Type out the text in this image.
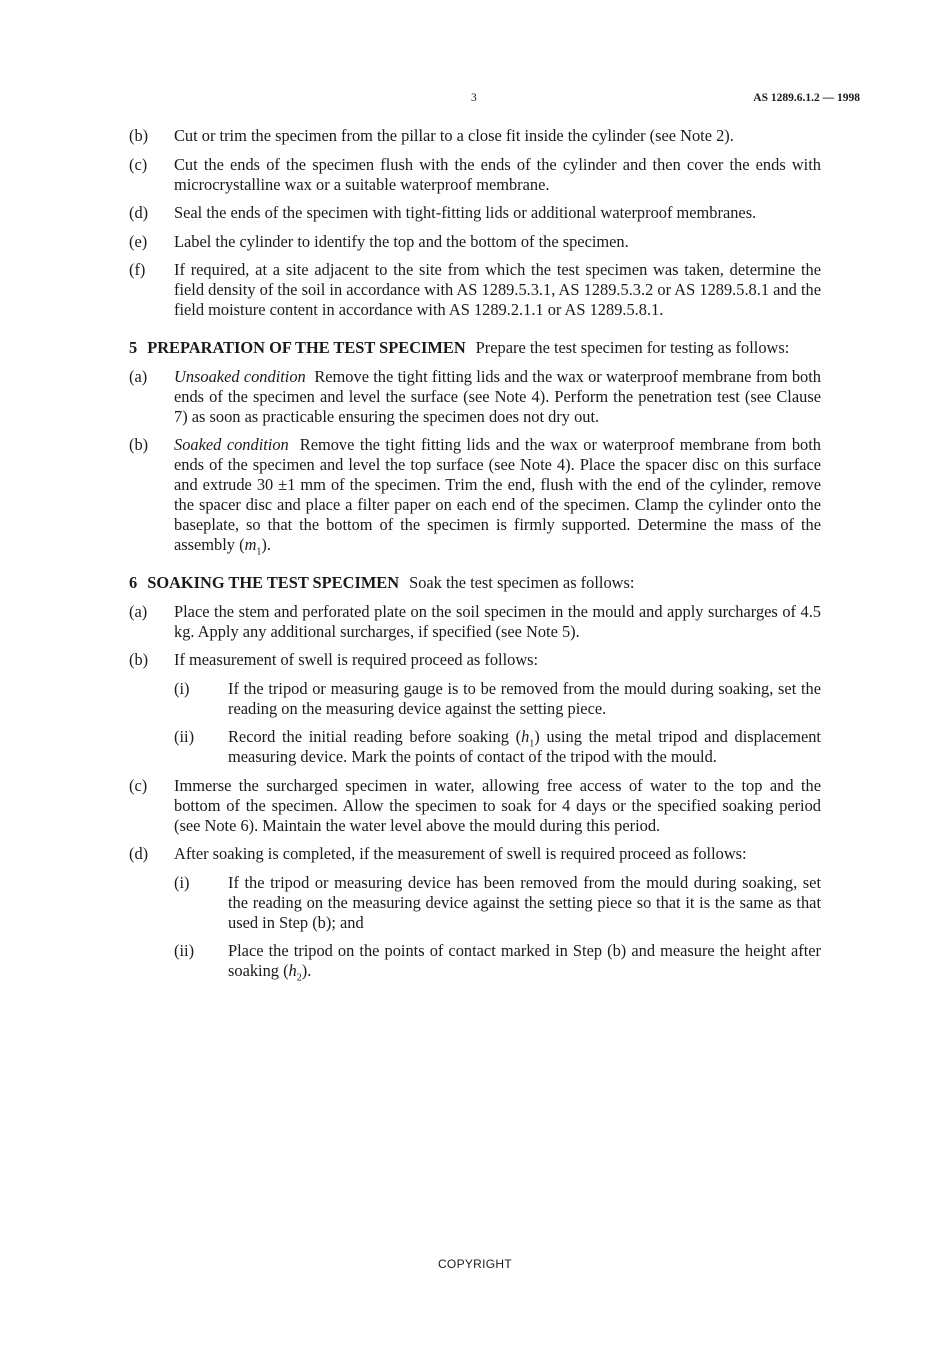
3	AS 1289.6.1.2 — 1998
(b)	Cut or trim the specimen from the pillar to a close fit inside the cylinder (see Note 2).
(c)	Cut the ends of the specimen flush with the ends of the cylinder and then cover the ends with microcrystalline wax or a suitable waterproof membrane.
(d)	Seal the ends of the specimen with tight-fitting lids or additional waterproof membranes.
(e)	Label the cylinder to identify the top and the bottom of the specimen.
(f)	If required, at a site adjacent to the site from which the test specimen was taken, determine the field density of the soil in accordance with AS 1289.5.3.1, AS 1289.5.3.2 or AS 1289.5.8.1 and the field moisture content in accordance with AS 1289.2.1.1 or AS 1289.5.8.1.
5 PREPARATION OF THE TEST SPECIMEN Prepare the test specimen for testing as follows:
(a)	Unsoaked condition Remove the tight fitting lids and the wax or waterproof membrane from both ends of the specimen and level the surface (see Note 4). Perform the penetration test (see Clause 7) as soon as practicable ensuring the specimen does not dry out.
(b)	Soaked condition Remove the tight fitting lids and the wax or waterproof membrane from both ends of the specimen and level the top surface (see Note 4). Place the spacer disc on this surface and extrude 30 ±1 mm of the specimen. Trim the end, flush with the end of the cylinder, remove the spacer disc and place a filter paper on each end of the specimen. Clamp the cylinder onto the baseplate, so that the bottom of the specimen is firmly supported. Determine the mass of the assembly $(m_1)$.
6 SOAKING THE TEST SPECIMEN Soak the test specimen as follows:
(a)	Place the stem and perforated plate on the soil specimen in the mould and apply surcharges of 4.5 kg. Apply any additional surcharges, if specified (see Note 5).
(b)	If measurement of swell is required proceed as follows:
(i)	If the tripod or measuring gauge is to be removed from the mould during soaking, set the reading on the measuring device against the setting piece.
(ii)	Record the initial reading before soaking $(h_1)$ using the metal tripod and displacement measuring device. Mark the points of contact of the tripod with the mould.
(c)	Immerse the surcharged specimen in water, allowing free access of water to the top and the bottom of the specimen. Allow the specimen to soak for 4 days or the specified soaking period (see Note 6). Maintain the water level above the mould during this period.
(d)	After soaking is completed, if the measurement of swell is required proceed as follows:
(i)	If the tripod or measuring device has been removed from the mould during soaking, set the reading on the measuring device against the setting piece so that it is the same as that used in Step (b); and
(ii)	Place the tripod on the points of contact marked in Step (b) and measure the height after soaking $(h_2)$.
COPYRIGHT
